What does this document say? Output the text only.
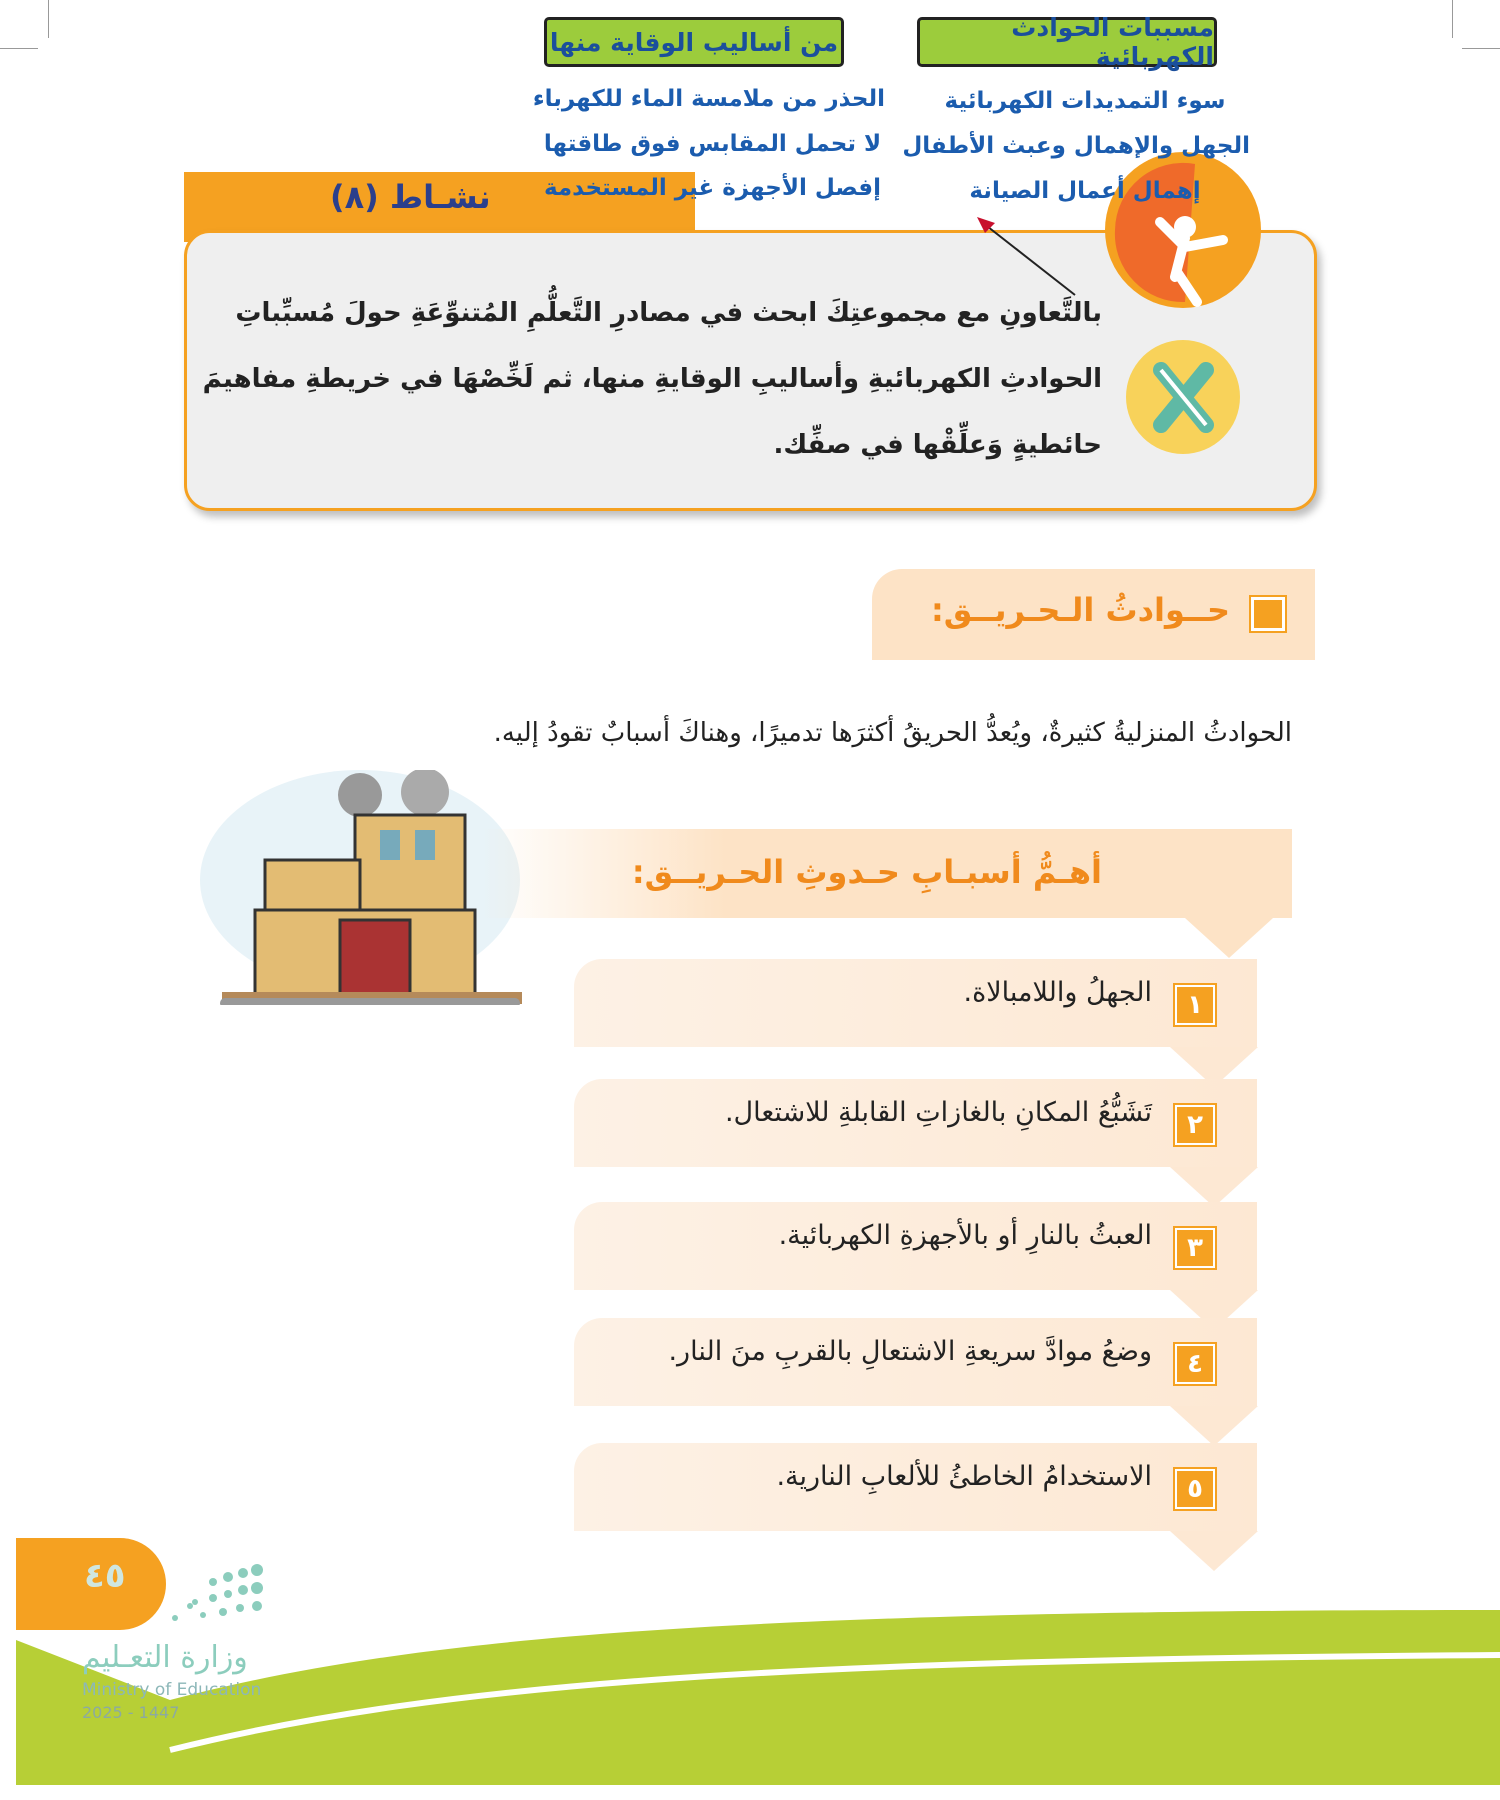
مسببات الحوادث الكهربائية
من أساليب الوقاية منها
نشـاط (٨)
سوء التمديدات الكهربائية
الجهل والإهمال وعبث الأطفال
إهمال أعمال الصيانة
الحذر من ملامسة الماء للكهرباء
لا تحمل المقابس فوق طاقتها
إفصل الأجهزة غير المستخدمة
بالتَّعاونِ مع مجموعتِكَ ابحث في مصادرِ التَّعلُّمِ المُتنوِّعَةِ حولَ مُسبِّباتِ
الحوادثِ الكهربائيةِ وأساليبِ الوقايةِ منها، ثم لَخِّصْهَا في خريطةِ مفاهيمَ
حائطيةٍ وَعلِّقْها في صفِّك.
حــوادثُ الـحـريــق:
الحوادثُ المنزليةُ كثيرةٌ، ويُعدُّ الحريقُ أكثرَها تدميرًا، وهناكَ أسبابٌ تقودُ إليه.
أهـمُّ أسبـابِ حـدوثِ الحـريــق:
١
الجهلُ واللامبالاة.
٢
تَشَبُّعُ المكانِ بالغازاتِ القابلةِ للاشتعال.
٣
العبثُ بالنارِ أو بالأجهزةِ الكهربائية.
٤
وضعُ موادَّ سريعةِ الاشتعالِ بالقربِ منَ النار.
٥
الاستخدامُ الخاطئُ للألعابِ النارية.
٤٥
وزارة التعـليم
Ministry of Education
2025 - 1447
